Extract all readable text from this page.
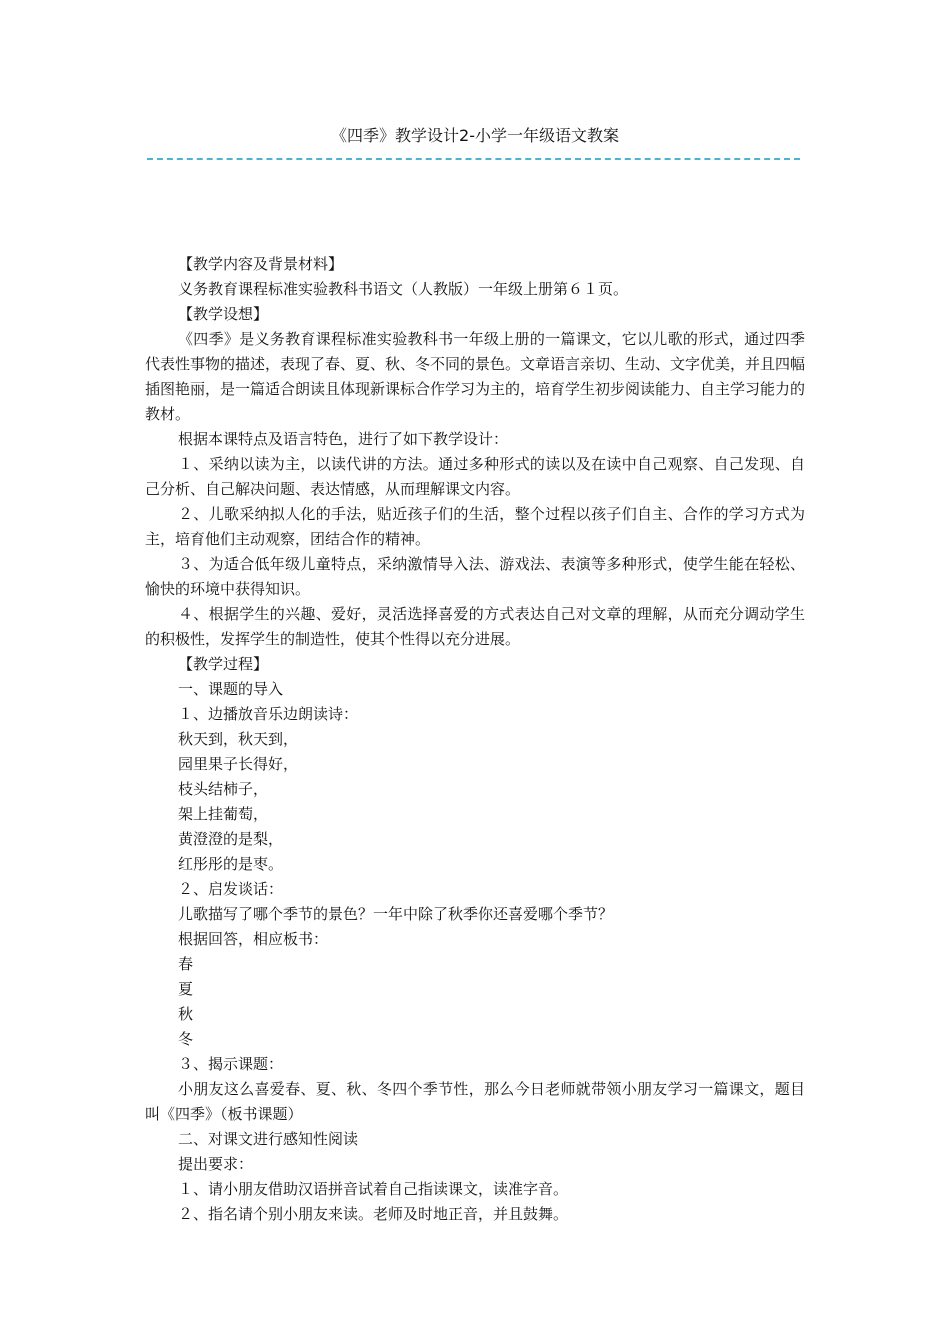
《四季》教学设计2-小学一年级语文教案

【教学内容及背景材料】

义务教育课程标准实验教科书语文（人教版）一年级上册第６１页。

【教学设想】

《四季》是义务教育课程标准实验教科书一年级上册的一篇课文，它以儿歌的形式，通过四季代表性事物的描述，表现了春、夏、秋、冬不同的景色。文章语言亲切、生动、文字优美，并且四幅插图艳丽，是一篇适合朗读且体现新课标合作学习为主的，培育学生初步阅读能力、自主学习能力的教材。

根据本课特点及语言特色，进行了如下教学设计：

１、采纳以读为主，以读代讲的方法。通过多种形式的读以及在读中自己观察、自己发现、自己分析、自己解决问题、表达情感，从而理解课文内容。

２、儿歌采纳拟人化的手法，贴近孩子们的生活，整个过程以孩子们自主、合作的学习方式为主，培育他们主动观察，团结合作的精神。

３、为适合低年级儿童特点，采纳激情导入法、游戏法、表演等多种形式，使学生能在轻松、愉快的环境中获得知识。

４、根据学生的兴趣、爱好，灵活选择喜爱的方式表达自己对文章的理解，从而充分调动学生的积极性，发挥学生的制造性，使其个性得以充分进展。

【教学过程】

一、课题的导入

１、边播放音乐边朗读诗：

秋天到，秋天到，

园里果子长得好，

枝头结柿子，

架上挂葡萄，

黄澄澄的是梨，

红彤彤的是枣。

２、启发谈话：

儿歌描写了哪个季节的景色？一年中除了秋季你还喜爱哪个季节？

根据回答，相应板书：

春

夏

秋

冬

３、揭示课题：

小朋友这么喜爱春、夏、秋、冬四个季节性，那么今日老师就带领小朋友学习一篇课文，题目叫《四季》（板书课题）

二、对课文进行感知性阅读

提出要求：

１、请小朋友借助汉语拼音试着自己指读课文，读准字音。

２、指名请个别小朋友来读。老师及时地正音，并且鼓舞。
